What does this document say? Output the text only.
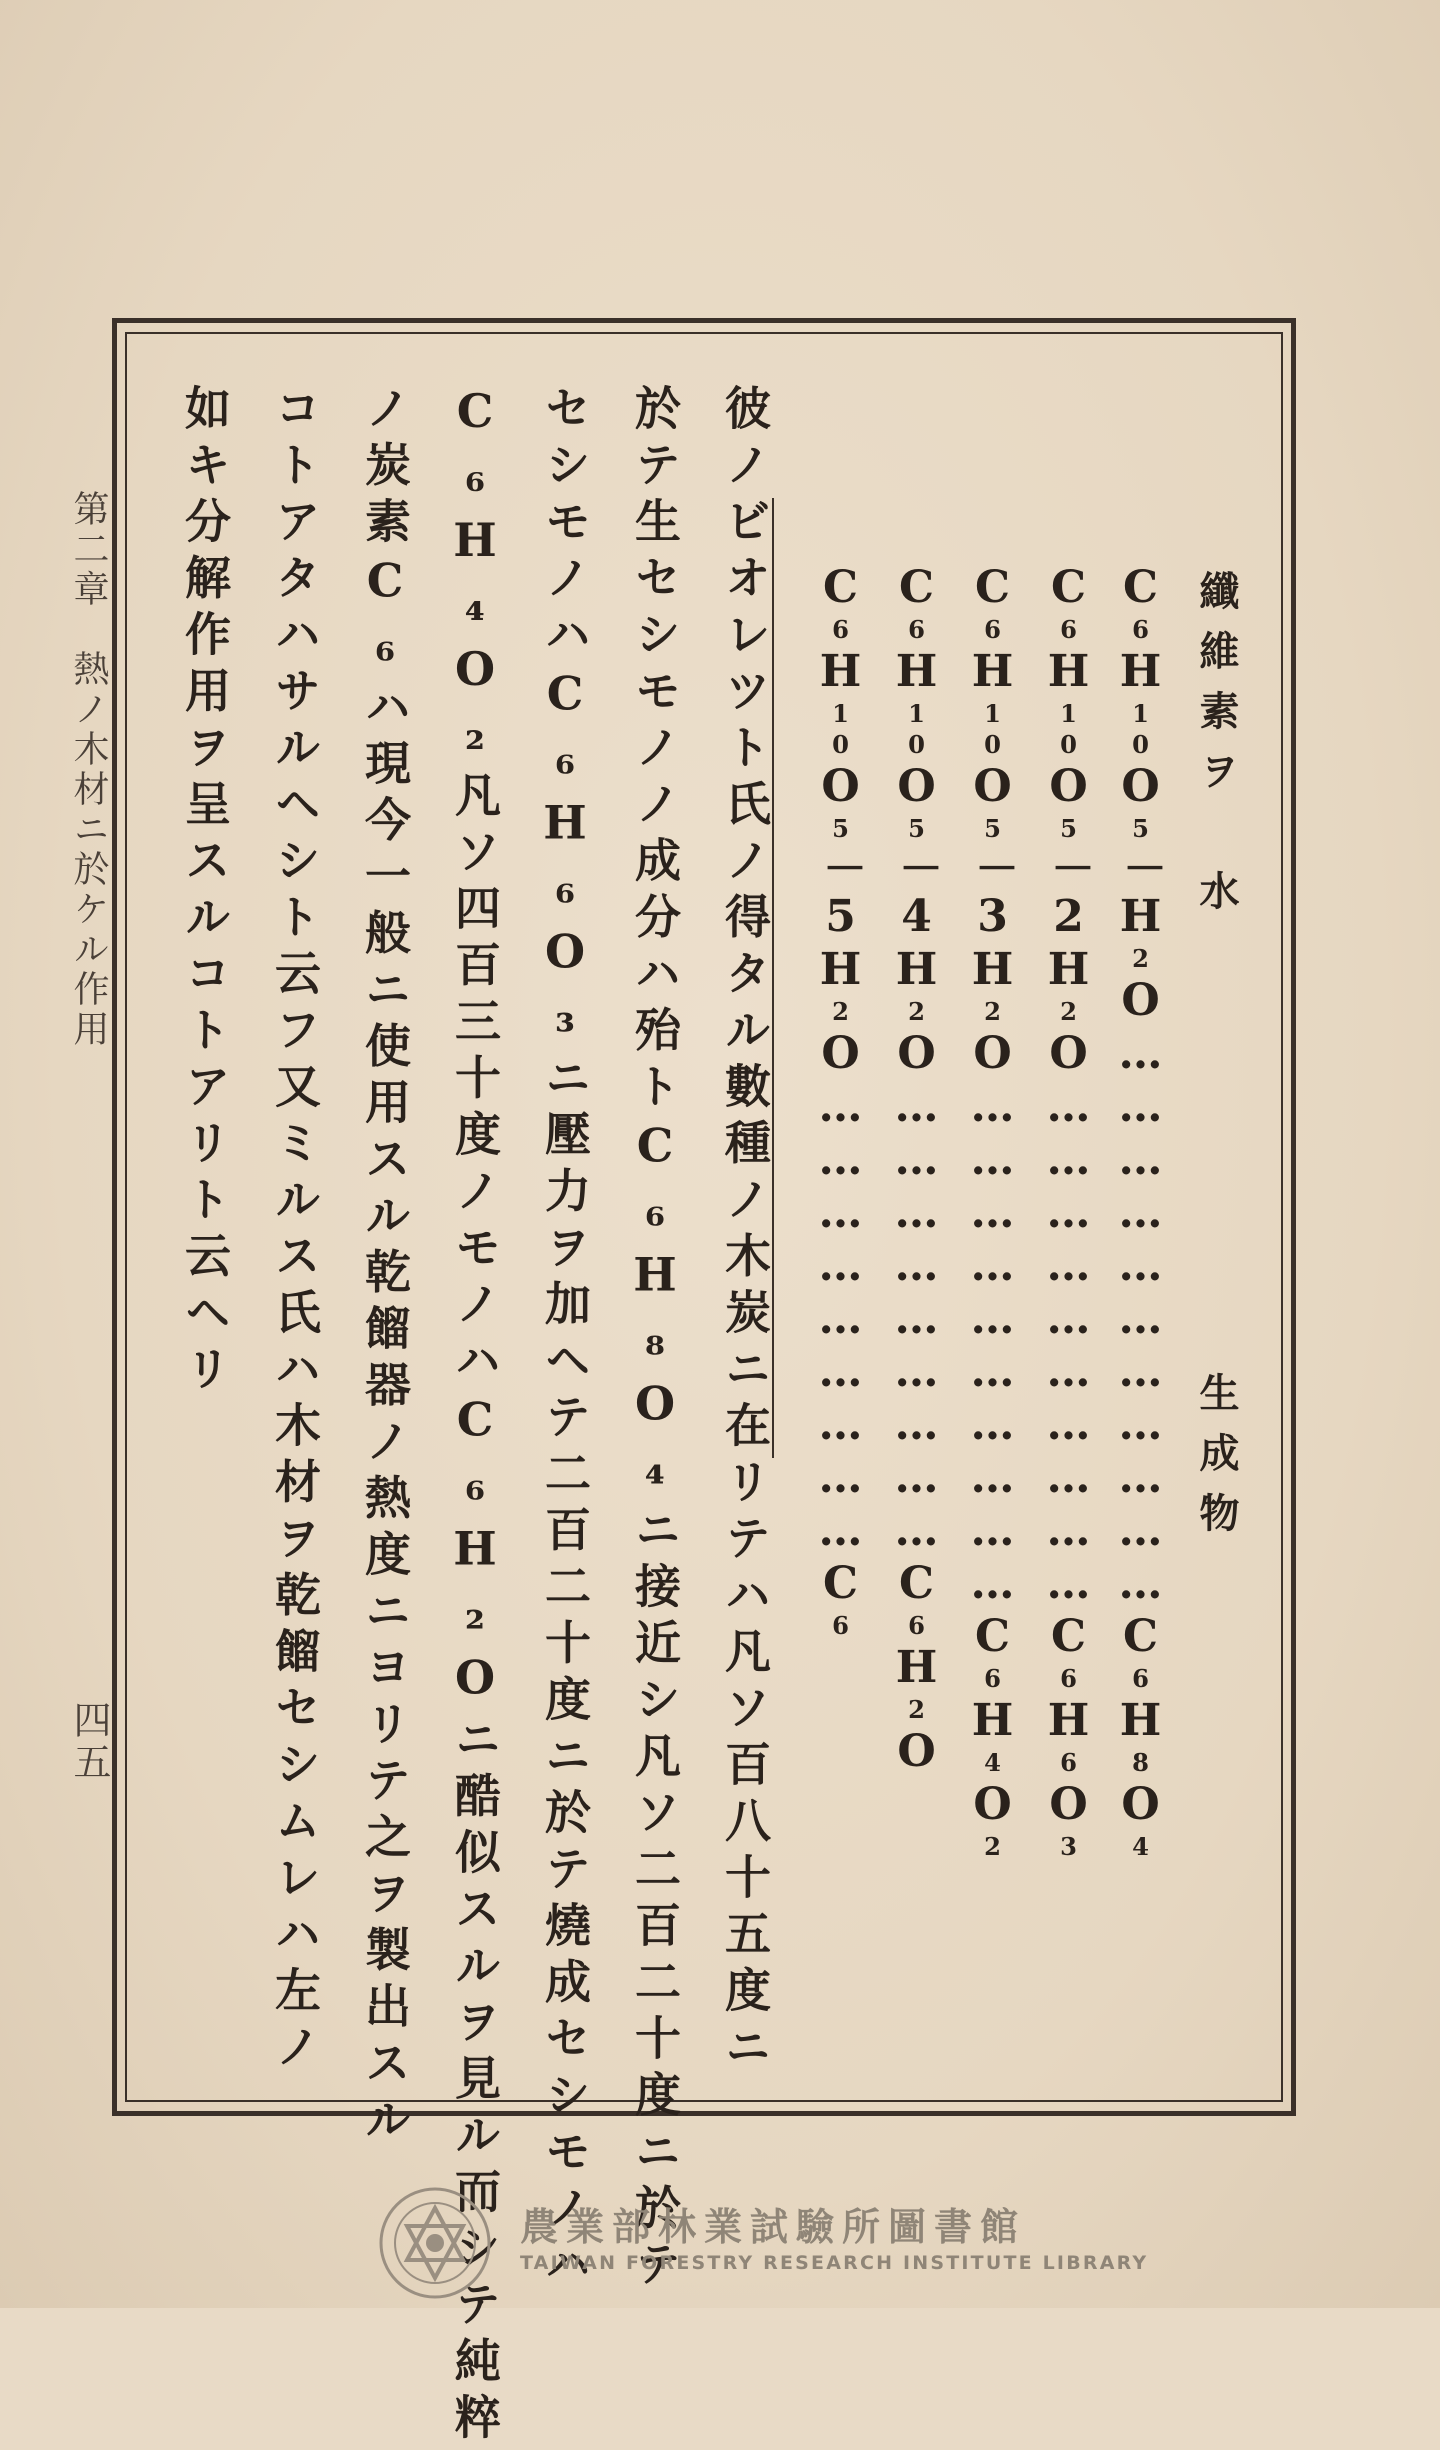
第二章　熱ノ木材ニ於ケル作用
四五
纖維素ヲ　水
生成物
C6H10O5－H2O……………………………C6H8O4
C6H10O5－2H2O…………………………C6H6O3
C6H10O5－3H2O…………………………C6H4O2
C6H10O5－4H2O………………………C6H2O
C6H10O5－5H2O………………………C6
彼ノビオレツト氏ノ得タル數種ノ木炭ニ在リテハ凡ソ百八十五度ニ
於テ生セシモノノ成分ハ殆トC₆H₈O₄ニ接近シ凡ソ二百二十度ニ於テ
セシモノハC₆H₆O₃ニ壓力ヲ加ヘテ二百二十度ニ於テ燒成セシモノハ
C₆H₄O₂凡ソ四百三十度ノモノハC₆H₂Oニ酷似スルヲ見ル而シテ純粹
ノ炭素C₆ハ現今一般ニ使用スル乾餾器ノ熱度ニヨリテ之ヲ製出スル
コトアタハサルヘシト云フ又ミルス氏ハ木材ヲ乾餾セシムレハ左ノ
如キ分解作用ヲ呈スルコトアリト云ヘリ
農業部林業試驗所圖書館
TAIWAN FORESTRY RESEARCH INSTITUTE LIBRARY
